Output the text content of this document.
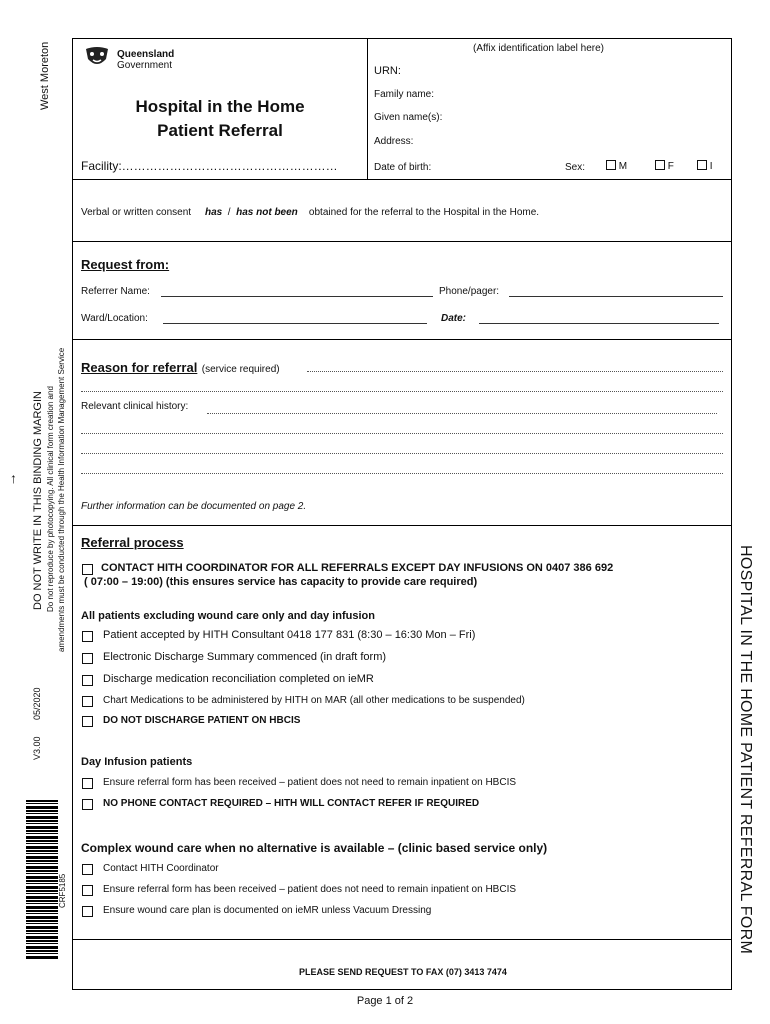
West Moreton
↑ DO NOT WRITE IN THIS BINDING MARGIN Do not reproduce by photocopying. All clinical form creation and amendments must be conducted through the Health Information Management Service
05/2020
V3.00
CRF5185	HOSPITAL IN THE HOME PATIENT REFERRAL FORM
Queensland
Government
Hospital in the Home
Patient Referral
Facility:………………………………………………
(Affix identification label here)
URN:
Family name:
Given name(s):
Address:
Date of birth:	Sex:	M	F	I
Verbal or written consent has / has not been obtained for the referral to the Hospital in the Home.
Request from:
Referrer Name:	Phone/pager:
Ward/Location:	Date:
Reason for referral (service required)
Relevant clinical history:
Further information can be documented on page 2.
Referral process
CONTACT HITH COORDINATOR FOR ALL REFERRALS EXCEPT DAY INFUSIONS ON 0407 386 692
( 07:00 – 19:00) (this ensures service has capacity to provide care required)
All patients excluding wound care only and day infusion
Patient accepted by HITH Consultant 0418 177 831 (8:30 – 16:30 Mon – Fri)
Electronic Discharge Summary commenced (in draft form)
Discharge medication reconciliation completed on ieMR
Chart Medications to be administered by HITH on MAR (all other medications to be suspended)
DO NOT DISCHARGE PATIENT ON HBCIS
Day Infusion patients
Ensure referral form has been received – patient does not need to remain inpatient on HBCIS
NO PHONE CONTACT REQUIRED – HITH WILL CONTACT REFER IF REQUIRED
Complex wound care when no alternative is available – (clinic based service only)
Contact HITH Coordinator
Ensure referral form has been received – patient does not need to remain inpatient on HBCIS
Ensure wound care plan is documented on ieMR unless Vacuum Dressing
PLEASE SEND REQUEST TO FAX (07) 3413 7474
Page 1 of 2
